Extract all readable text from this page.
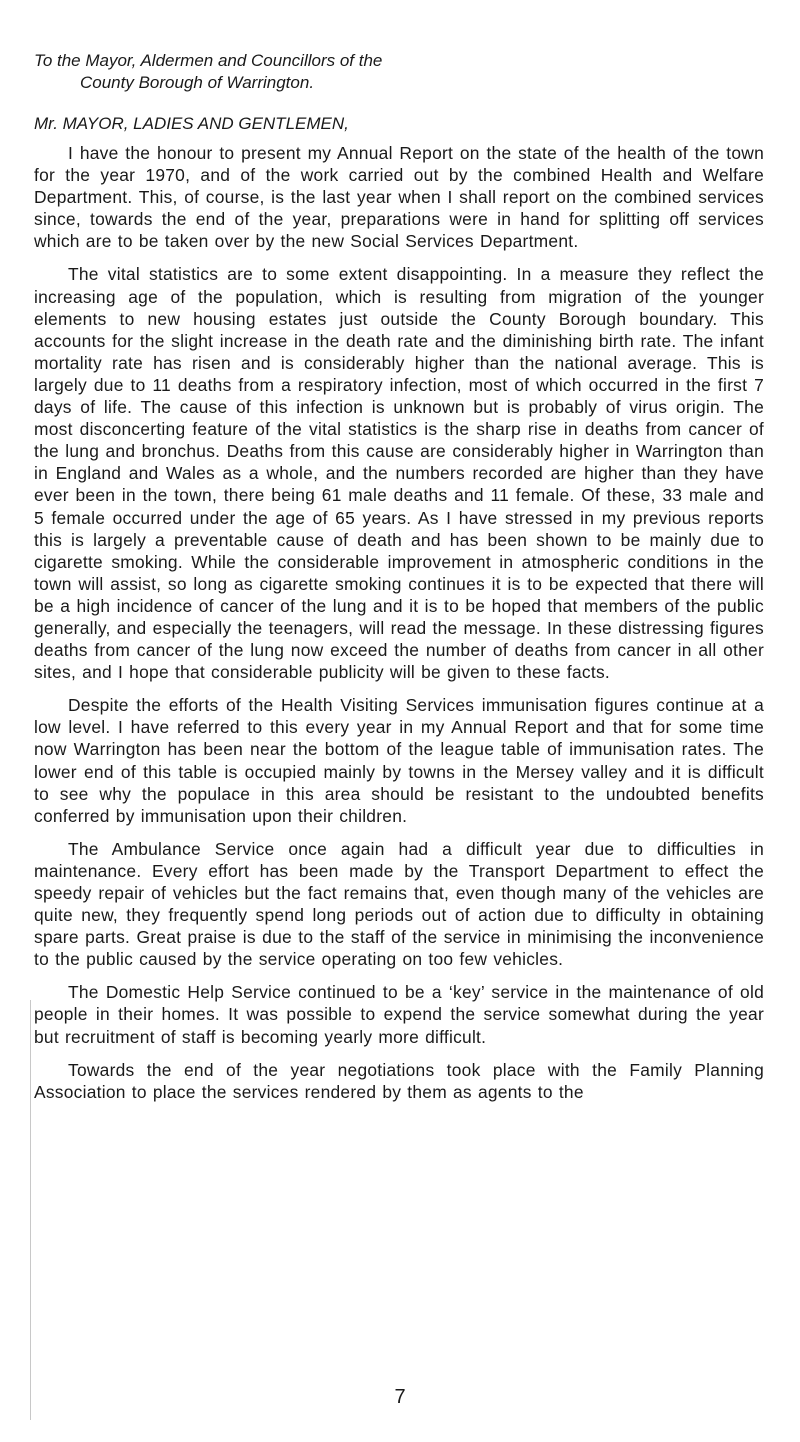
To the Mayor, Aldermen and Councillors of the
County Borough of Warrington.

Mr. MAYOR, LADIES AND GENTLEMEN,

I have the honour to present my Annual Report on the state of the health of the town for the year 1970, and of the work carried out by the combined Health and Welfare Department. This, of course, is the last year when I shall report on the combined services since, towards the end of the year, preparations were in hand for splitting off services which are to be taken over by the new Social Services Department.

The vital statistics are to some extent disappointing. In a measure they reflect the increasing age of the population, which is resulting from migration of the younger elements to new housing estates just outside the County Borough boundary. This accounts for the slight increase in the death rate and the diminishing birth rate. The infant mortality rate has risen and is considerably higher than the national average. This is largely due to 11 deaths from a respiratory infection, most of which occurred in the first 7 days of life. The cause of this infection is unknown but is probably of virus origin. The most disconcerting feature of the vital statistics is the sharp rise in deaths from cancer of the lung and bronchus. Deaths from this cause are considerably higher in Warrington than in England and Wales as a whole, and the numbers recorded are higher than they have ever been in the town, there being 61 male deaths and 11 female. Of these, 33 male and 5 female occurred under the age of 65 years. As I have stressed in my previous reports this is largely a preventable cause of death and has been shown to be mainly due to cigarette smoking. While the considerable improvement in atmospheric conditions in the town will assist, so long as cigarette smoking continues it is to be expected that there will be a high incidence of cancer of the lung and it is to be hoped that members of the public generally, and especially the teenagers, will read the message. In these distressing figures deaths from cancer of the lung now exceed the number of deaths from cancer in all other sites, and I hope that considerable publicity will be given to these facts.

Despite the efforts of the Health Visiting Services immunisation figures continue at a low level. I have referred to this every year in my Annual Report and that for some time now Warrington has been near the bottom of the league table of immunisation rates. The lower end of this table is occupied mainly by towns in the Mersey valley and it is difficult to see why the populace in this area should be resistant to the undoubted benefits conferred by immunisation upon their children.

The Ambulance Service once again had a difficult year due to difficulties in maintenance. Every effort has been made by the Transport Department to effect the speedy repair of vehicles but the fact remains that, even though many of the vehicles are quite new, they frequently spend long periods out of action due to difficulty in obtaining spare parts. Great praise is due to the staff of the service in minimising the inconvenience to the public caused by the service operating on too few vehicles.

The Domestic Help Service continued to be a ‘key’ service in the maintenance of old people in their homes. It was possible to expend the service somewhat during the year but recruitment of staff is becoming yearly more difficult.

Towards the end of the year negotiations took place with the Family Planning Association to place the services rendered by them as agents to the

7
